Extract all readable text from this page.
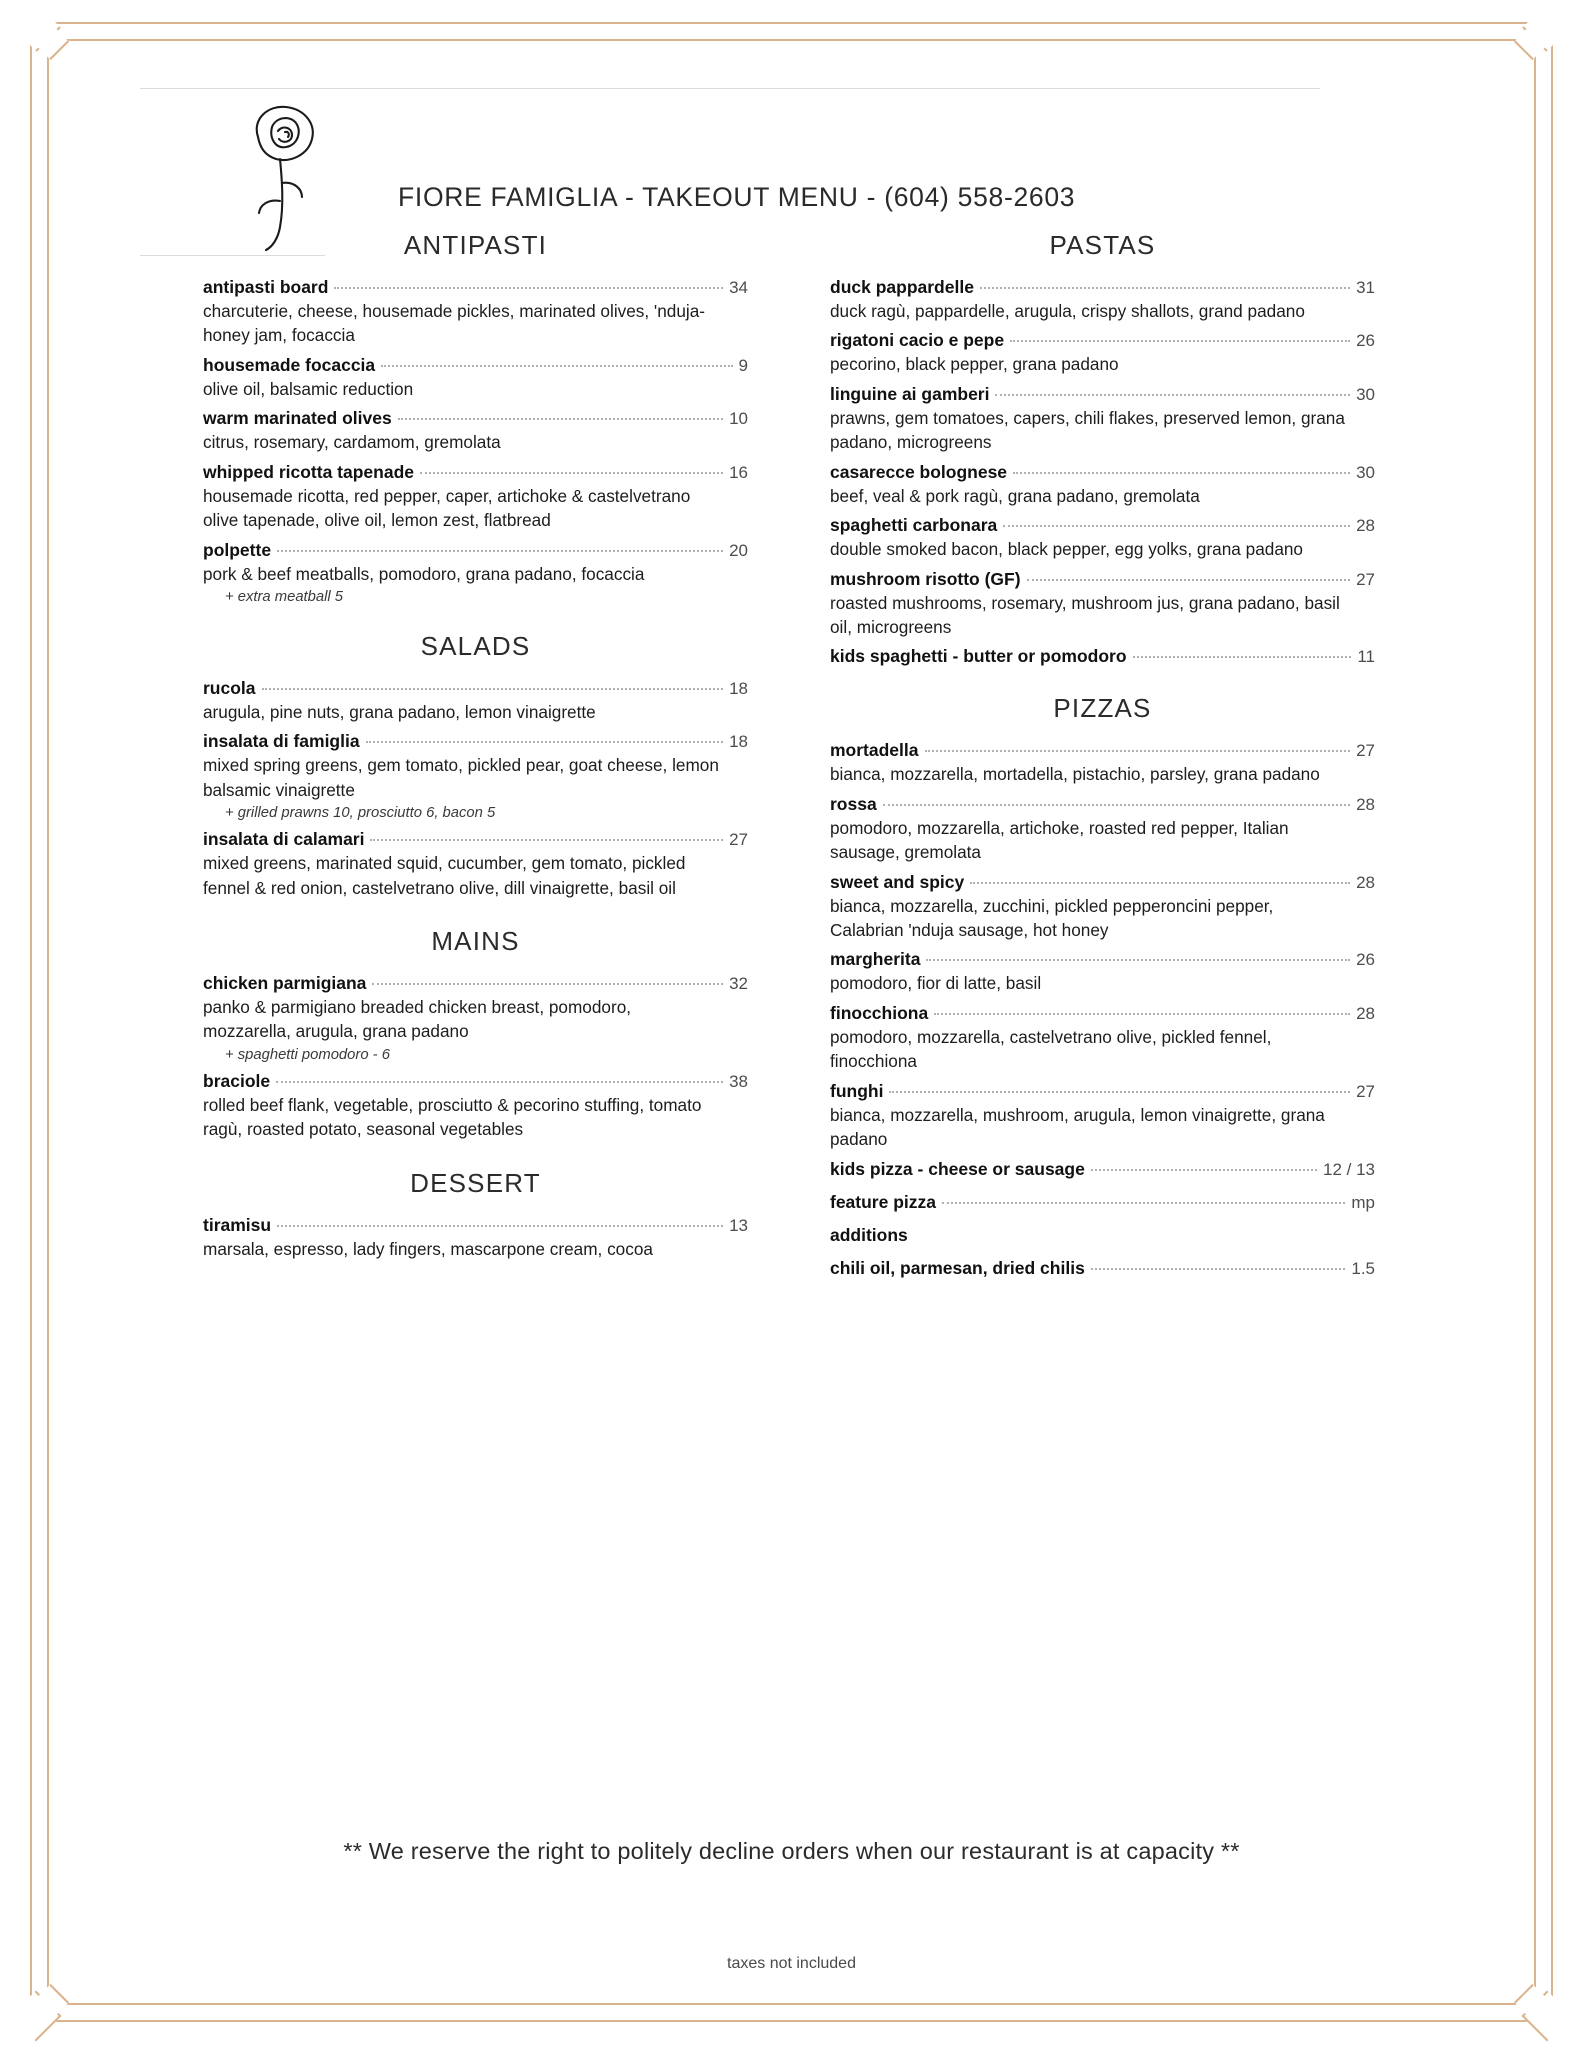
FIORE FAMIGLIA - TAKEOUT MENU - (604) 558-2603
ANTIPASTI
antipasti board	34
charcuterie, cheese, housemade pickles, marinated olives, 'nduja-honey jam, focaccia
housemade focaccia	9
olive oil, balsamic reduction
warm marinated olives	10
citrus, rosemary, cardamom, gremolata
whipped ricotta tapenade	16
housemade ricotta, red pepper, caper, artichoke & castelvetrano olive tapenade, olive oil, lemon zest, flatbread
polpette	20
pork & beef meatballs, pomodoro, grana padano, focaccia
+ extra meatball 5
SALADS
rucola	18
arugula, pine nuts, grana padano, lemon vinaigrette
insalata di famiglia	18
mixed spring greens, gem tomato, pickled pear, goat cheese, lemon balsamic vinaigrette
+ grilled prawns 10, prosciutto 6, bacon 5
insalata di calamari	27
mixed greens, marinated squid, cucumber, gem tomato, pickled fennel & red onion, castelvetrano olive, dill vinaigrette, basil oil
MAINS
chicken parmigiana	32
panko & parmigiano breaded chicken breast, pomodoro, mozzarella, arugula, grana padano
+ spaghetti pomodoro - 6
braciole	38
rolled beef flank, vegetable, prosciutto & pecorino stuffing, tomato ragù, roasted potato, seasonal vegetables
DESSERT
tiramisu	13
marsala, espresso, lady fingers, mascarpone cream, cocoa
PASTAS
duck pappardelle	31
duck ragù, pappardelle, arugula, crispy shallots, grand padano
rigatoni cacio e pepe	26
pecorino, black pepper, grana padano
linguine ai gamberi	30
prawns, gem tomatoes, capers, chili flakes, preserved lemon, grana padano, microgreens
casarecce bolognese	30
beef, veal & pork ragù, grana padano, gremolata
spaghetti carbonara	28
double smoked bacon, black pepper, egg yolks, grana padano
mushroom risotto (GF)	27
roasted mushrooms, rosemary, mushroom jus, grana padano, basil oil, microgreens
kids spaghetti - butter or pomodoro	11
PIZZAS
mortadella	27
bianca, mozzarella, mortadella, pistachio, parsley, grana padano
rossa	28
pomodoro, mozzarella, artichoke, roasted red pepper, Italian sausage, gremolata
sweet and spicy	28
bianca, mozzarella, zucchini, pickled pepperoncini pepper, Calabrian 'nduja sausage, hot honey
margherita	26
pomodoro, fior di latte, basil
finocchiona	28
pomodoro, mozzarella, castelvetrano olive, pickled fennel, finocchiona
funghi	27
bianca, mozzarella, mushroom, arugula, lemon vinaigrette, grana padano
kids pizza - cheese or sausage	12 / 13
feature pizza	mp
additions
chili oil, parmesan, dried chilis	1.5
** We reserve the right to politely decline orders when our restaurant is at capacity **
taxes not included
